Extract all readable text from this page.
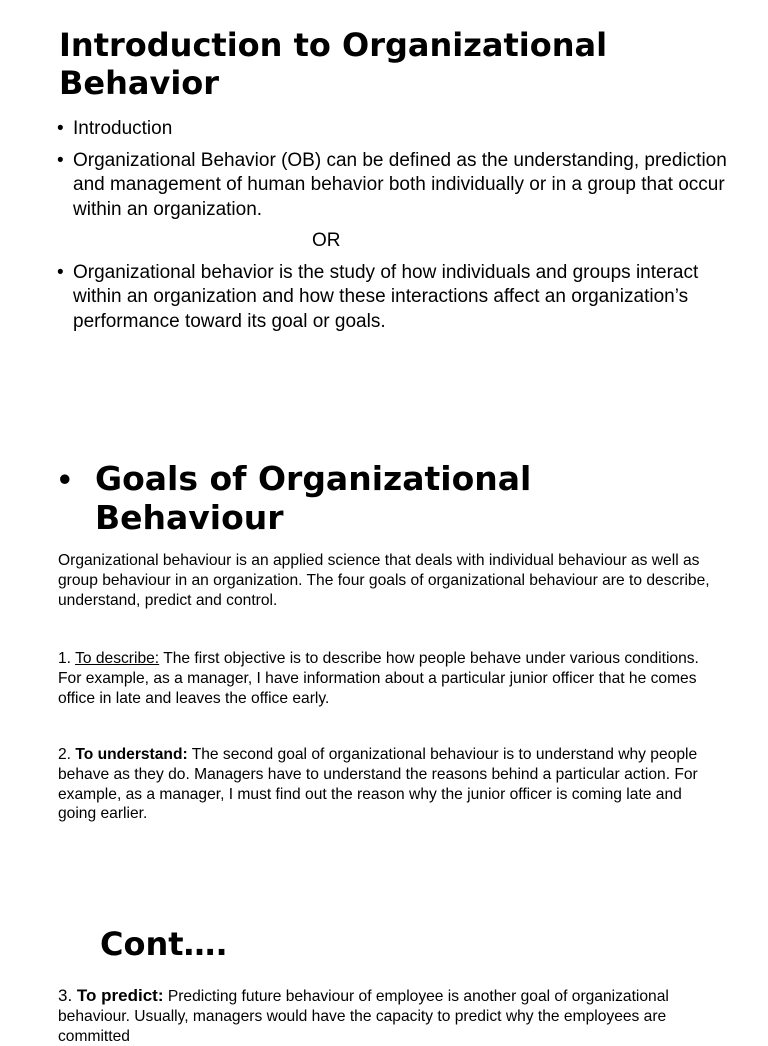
Introduction to Organizational
Behavior
• Introduction
• Organizational Behavior (OB) can be defined as the understanding, prediction and management of human behavior both individually or in a group that occur within an organization.
OR
• Organizational behavior is the study of how individuals and groups interact within an organization and how these interactions affect an organization’s performance toward its goal or goals.
• Goals of Organizational
Behaviour

Organizational behaviour is an applied science that deals with individual behaviour as well as group behaviour in an organization. The four goals of organizational behaviour are to describe, understand, predict and control.

1. To describe: The first objective is to describe how people behave under various conditions. For example, as a manager, I have information about a particular junior officer that he comes office in late and leaves the office early.

2. To understand: The second goal of organizational behaviour is to understand why people behave as they do. Managers have to understand the reasons behind a particular action. For example, as a manager, I must find out the reason why the junior officer is coming late and going earlier.

Cont….

3. To predict: Predicting future behaviour of employee is another goal of organizational behaviour. Usually, managers would have the capacity to predict why the employees are committed
